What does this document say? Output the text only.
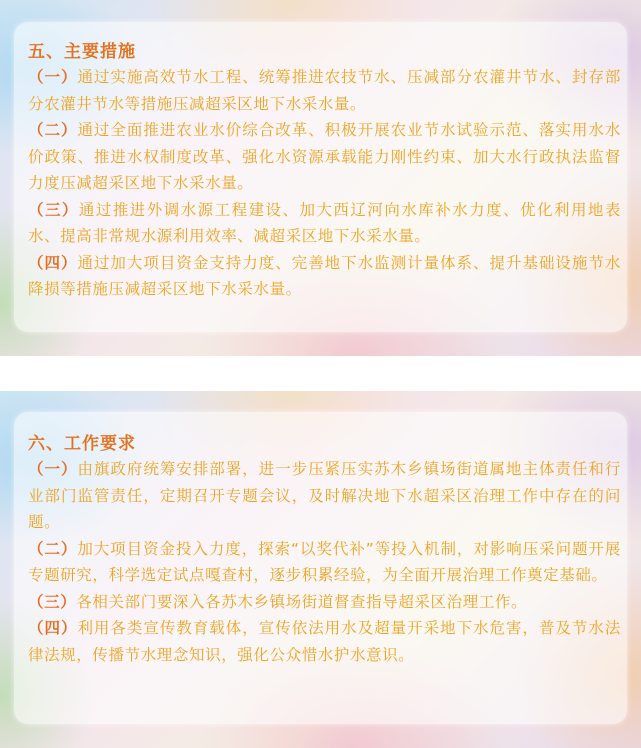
五、主要措施

（一）通过实施高效节水工程、统筹推进农技节水、压减部分农灌井节水、封存部分农灌井节水等措施压减超采区地下水采水量。

（二）通过全面推进农业水价综合改革、积极开展农业节水试验示范、落实用水水价政策、推进水权制度改革、强化水资源承载能力刚性约束、加大水行政执法监督力度压减超采区地下水采水量。

（三）通过推进外调水源工程建设、加大西辽河向水库补水力度、优化利用地表水、提高非常规水源利用效率、减超采区地下水采水量。

（四）通过加大项目资金支持力度、完善地下水监测计量体系、提升基础设施节水降损等措施压减超采区地下水采水量。

六、工作要求

（一）由旗政府统筹安排部署，进一步压紧压实苏木乡镇场街道属地主体责任和行业部门监管责任，定期召开专题会议，及时解决地下水超采区治理工作中存在的问题。

（二）加大项目资金投入力度，探索“以奖代补”等投入机制，对影响压采问题开展专题研究，科学选定试点嘎查村，逐步积累经验，为全面开展治理工作奠定基础。

（三）各相关部门要深入各苏木乡镇场街道督查指导超采区治理工作。

（四）利用各类宣传教育载体，宣传依法用水及超量开采地下水危害，普及节水法律法规，传播节水理念知识，强化公众惜水护水意识。
